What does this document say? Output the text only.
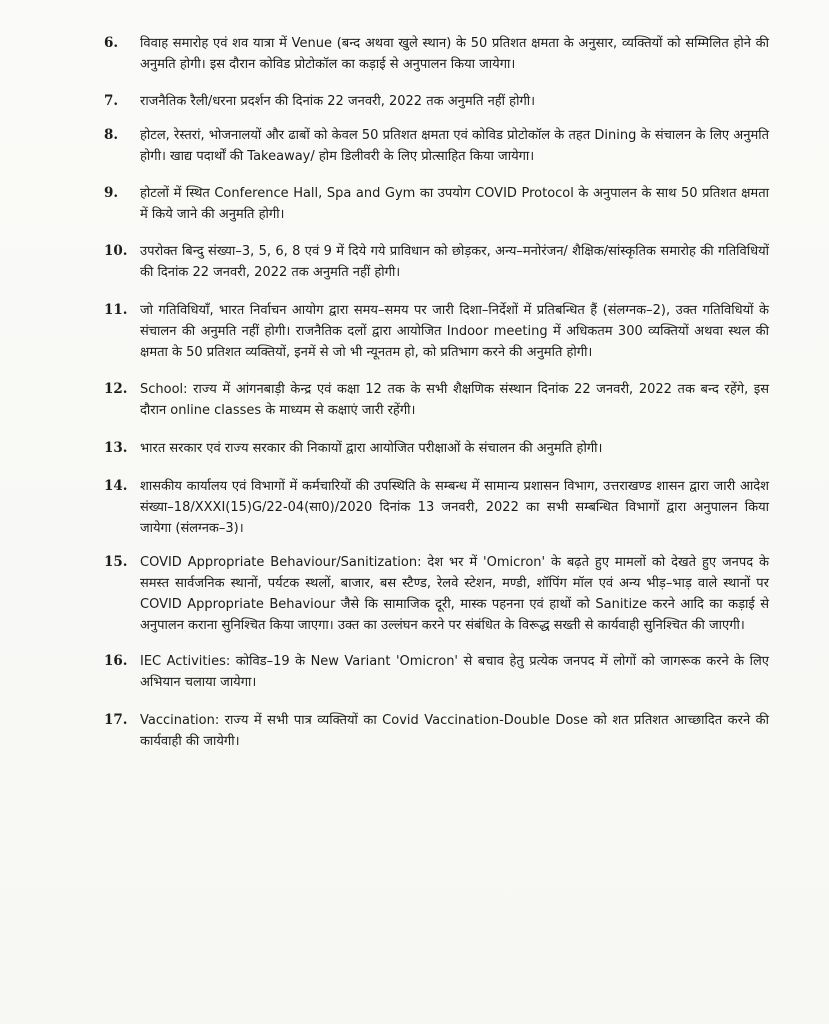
6. विवाह समारोह एवं शव यात्रा में Venue (बन्द अथवा खुले स्थान) के 50 प्रतिशत क्षमता के अनुसार, व्यक्तियों को सम्मिलित होने की अनुमति होगी। इस दौरान कोविड प्रोटोकॉल का कड़ाई से अनुपालन किया जायेगा।
7. राजनैतिक रैली/धरना प्रदर्शन की दिनांक 22 जनवरी, 2022 तक अनुमति नहीं होगी।
8. होटल, रेस्तरां, भोजनालयों और ढाबों को केवल 50 प्रतिशत क्षमता एवं कोविड प्रोटोकॉल के तहत Dining के संचालन के लिए अनुमति होगी। खाद्य पदार्थों की Takeaway/ होम डिलीवरी के लिए प्रोत्साहित किया जायेगा।
9. होटलों में स्थित Conference Hall, Spa and Gym का उपयोग COVID Protocol के अनुपालन के साथ 50 प्रतिशत क्षमता में किये जाने की अनुमति होगी।
10. उपरोक्त बिन्दु संख्या–3, 5, 6, 8 एवं 9 में दिये गये प्राविधान को छोड़कर, अन्य–मनोरंजन/ शैक्षिक/सांस्कृतिक समारोह की गतिविधियों की दिनांक 22 जनवरी, 2022 तक अनुमति नहीं होगी।
11. जो गतिविधियाँ, भारत निर्वाचन आयोग द्वारा समय–समय पर जारी दिशा–निर्देशों में प्रतिबन्धित हैं (संलग्नक–2), उक्त गतिविधियों के संचालन की अनुमति नहीं होगी। राजनैतिक दलों द्वारा आयोजित Indoor meeting में अधिकतम 300 व्यक्तियों अथवा स्थल की क्षमता के 50 प्रतिशत व्यक्तियों, इनमें से जो भी न्यूनतम हो, को प्रतिभाग करने की अनुमति होगी।
12. School: राज्य में आंगनबाड़ी केन्द्र एवं कक्षा 12 तक के सभी शैक्षणिक संस्थान दिनांक 22 जनवरी, 2022 तक बन्द रहेंगे, इस दौरान online classes के माध्यम से कक्षाएं जारी रहेंगी।
13. भारत सरकार एवं राज्य सरकार की निकायों द्वारा आयोजित परीक्षाओं के संचालन की अनुमति होगी।
14. शासकीय कार्यालय एवं विभागों में कर्मचारियों की उपस्थिति के सम्बन्ध में सामान्य प्रशासन विभाग, उत्तराखण्ड शासन द्वारा जारी आदेश संख्या–18/XXXI(15)G/22-04(सा0)/2020 दिनांक 13 जनवरी, 2022 का सभी सम्बन्धित विभागों द्वारा अनुपालन किया जायेगा (संलग्नक–3)।
15. COVID Appropriate Behaviour/Sanitization: देश भर में 'Omicron' के बढ़ते हुए मामलों को देखते हुए जनपद के समस्त सार्वजनिक स्थानों, पर्यटक स्थलों, बाजार, बस स्टैण्ड, रेलवे स्टेशन, मण्डी, शॉपिंग मॉल एवं अन्य भीड़–भाड़ वाले स्थानों पर COVID Appropriate Behaviour जैसे कि सामाजिक दूरी, मास्क पहनना एवं हाथों को Sanitize करने आदि का कड़ाई से अनुपालन कराना सुनिश्चित किया जाएगा। उक्त का उल्लंघन करने पर संबंधित के विरूद्ध सख्ती से कार्यवाही सुनिश्चित की जाएगी।
16. IEC Activities: कोविड–19 के New Variant 'Omicron' से बचाव हेतु प्रत्येक जनपद में लोगों को जागरूक करने के लिए अभियान चलाया जायेगा।
17. Vaccination: राज्य में सभी पात्र व्यक्तियों का Covid Vaccination-Double Dose को शत प्रतिशत आच्छादित करने की कार्यवाही की जायेगी।
